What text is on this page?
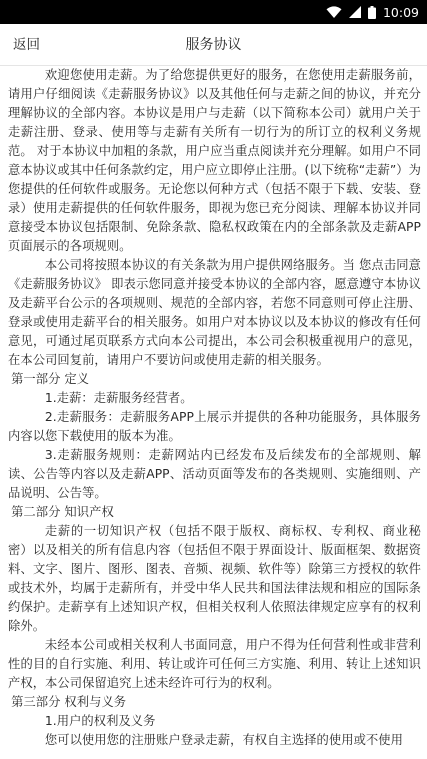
10:09
返回	服务协议

欢迎您使用走薪。为了给您提供更好的服务，在您使用走薪服务前，请用户仔细阅读《走薪服务协议》以及其他任何与走薪之间的协议，并充分理解协议的全部内容。本协议是用户与走薪（以下简称本公司）就用户关于走薪注册、登录、使用等与走薪有关所有一切行为的所订立的权利义务规范。 对于本协议中加粗的条款，用户应当重点阅读并充分理解。如用户不同意本协议或其中任何条款约定，用户应立即停止注册。(以下统称“走薪”）为您提供的任何软件或服务。无论您以何种方式（包括不限于下载、安装、登录）使用走薪提供的任何软件服务，即视为您已充分阅读、理解本协议并同意接受本协议包括限制、免除条款、隐私权政策在内的全部条款及走薪APP页面展示的各项规则。

本公司将按照本协议的有关条款为用户提供网络服务。当 您点击同意《走薪服务协议》 即表示您同意并接受本协议的全部内容，愿意遵守本协议及走薪平台公示的各项规则、规范的全部内容，若您不同意则可停止注册、登录或使用走薪平台的相关服务。如用户对本协议以及本协议的修改有任何意见，可通过尾页联系方式向本公司提出，本公司会积极重视用户的意见，在本公司回复前，请用户不要访问或使用走薪的相关服务。

第一部分 定义

1.走薪：走薪服务经营者。

2.走薪服务：走薪服务APP上展示并提供的各种功能服务，具体服务内容以您下载使用的版本为准。

3.走薪服务规则：走薪网站内已经发布及后续发布的全部规则、解读、公告等内容以及走薪APP、活动页面等发布的各类规则、实施细则、产品说明、公告等。

第二部分 知识产权

走薪的一切知识产权（包括不限于版权、商标权、专利权、商业秘密）以及相关的所有信息内容（包括但不限于界面设计、版面框架、数据资料、文字、图片、图形、图表、音频、视频、软件等）除第三方授权的软件或技术外，均属于走薪所有，并受中华人民共和国法律法规和相应的国际条约保护。走薪享有上述知识产权，但相关权利人依照法律规定应享有的权利除外。

未经本公司或相关权利人书面同意，用户不得为任何营利性或非营利性的目的自行实施、利用、转让或许可任何三方实施、利用、转让上述知识产权，本公司保留追究上述未经许可行为的权利。

第三部分 权利与义务

1.用户的权利及义务

您可以使用您的注册账户登录走薪，有权自主选择的使用或不使用
